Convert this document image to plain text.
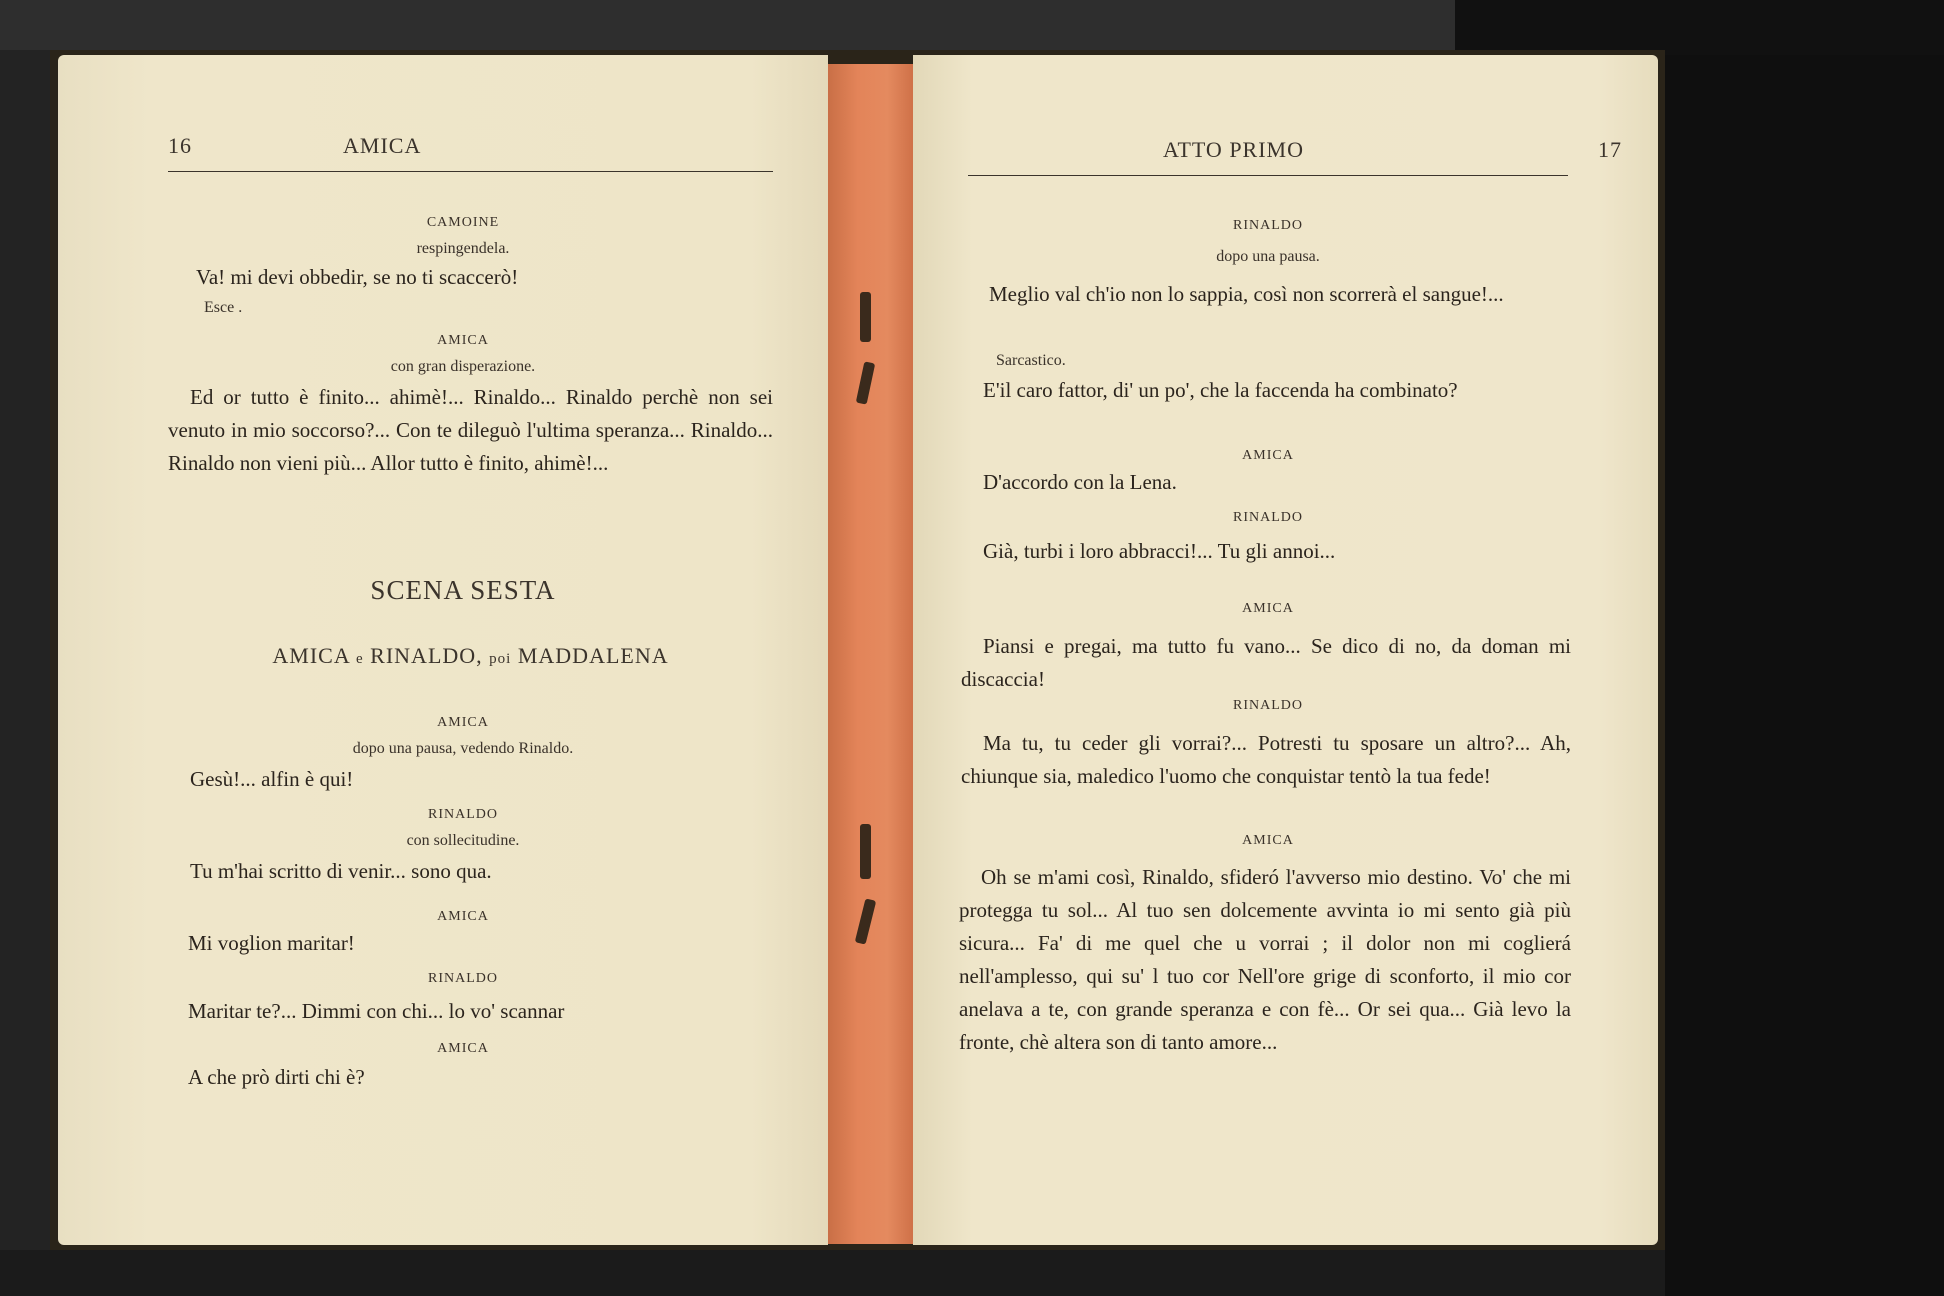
16	AMICA
CAMOINE
respingendela.
Va! mi devi obbedir, se no ti scaccerò!
Esce .
AMICA
con gran disperazione.
Ed or tutto è finito... ahimè!... Rinaldo... Rinaldo perchè non sei venuto in mio soccorso?... Con te dileguò l'ultima speranza... Rinaldo... Rinaldo non vieni più... Allor tutto è finito, ahimè!...
SCENA SESTA
AMICA e RINALDO, poi MADDALENA
AMICA
dopo una pausa, vedendo Rinaldo.
Gesù!... alfin è qui!
RINALDO
con sollecitudine.
Tu m'hai scritto di venir... sono qua.
AMICA
Mi voglion maritar!
RINALDO
Maritar te?... Dimmi con chi... lo vo' scannar
AMICA
A che prò dirti chi è?
ATTO PRIMO	17
RINALDO
dopo una pausa.
Meglio val ch'io non lo sappia, così non scorrerà el sangue!...
Sarcastico.
E'il caro fattor, di' un po', che la faccenda ha combinato?
AMICA
D'accordo con la Lena.
RINALDO
Già, turbi i loro abbracci!... Tu gli annoi...
AMICA
Piansi e pregai, ma tutto fu vano... Se dico di no, da doman mi discaccia!
RINALDO
Ma tu, tu ceder gli vorrai?... Potresti tu sposare un altro?... Ah, chiunque sia, maledico l'uomo che conquistar tentò la tua fede!
AMICA
Oh se m'ami così, Rinaldo, sfideró l'avverso mio destino. Vo' che mi protegga tu sol... Al tuo sen dolcemente avvinta io mi sento già più sicura... Fa' di me quel che u vorrai ; il dolor non mi coglierá nell'amplesso, qui su' l tuo cor Nell'ore grige di sconforto, il mio cor anelava a te, con grande speranza e con fè... Or sei qua... Già levo la fronte, chè altera son di tanto amore...
